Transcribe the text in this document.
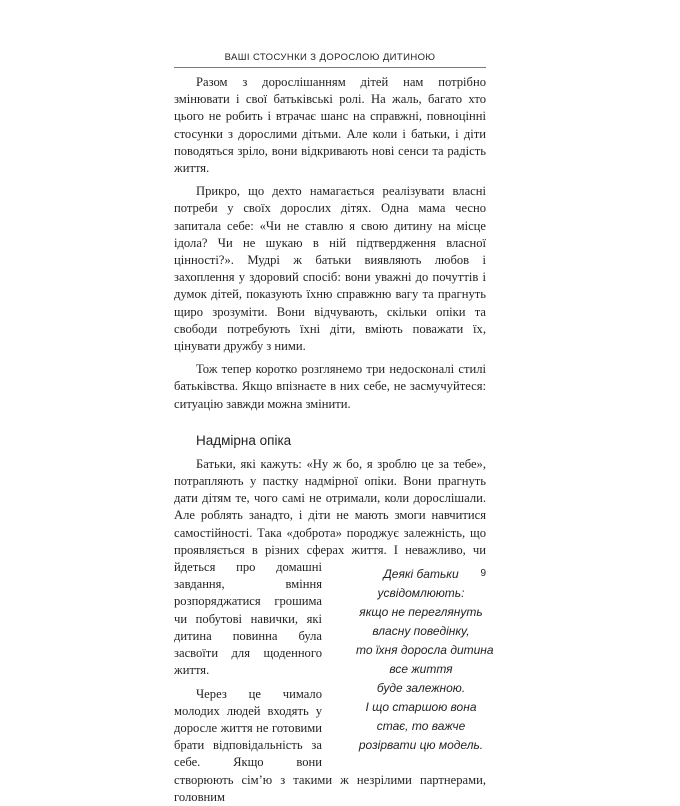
ВАШІ СТОСУНКИ З ДОРОСЛОЮ ДИТИНОЮ

Разом з дорослішанням дітей нам потрібно змінювати і свої батьківські ролі. На жаль, багато хто цього не робить і втрачає шанс на справжні, повноцінні стосунки з дорослими дітьми. Але коли і батьки, і діти поводяться зріло, вони відкривають нові сенси та радість життя.

Прикро, що дехто намагається реалізувати власні потреби у своїх дорослих дітях. Одна мама чесно запитала себе: «Чи не ставлю я свою дитину на місце ідола? Чи не шукаю в ній підтвердження власної цінності?». Мудрі ж батьки виявляють любов і захоплення у здоровий спосіб: вони уважні до почуттів і думок дітей, показують їхню справжню вагу та прагнуть щиро зрозуміти. Вони відчувають, скільки опіки та свободи потребують їхні діти, вміють поважати їх, цінувати дружбу з ними.

Тож тепер коротко розглянемо три недосконалі стилі батьківства. Якщо впізнаєте в них себе, не засмучуйтеся: ситуацію завжди можна змінити.

Надмірна опіка

Батьки, які кажуть: «Ну ж бо, я зроблю це за тебе», потрапляють у пастку надмірної опіки. Вони прагнуть дати дітям те, чого самі не отримали, коли дорослішали. Але роблять занадто, і діти не мають змоги навчитися самостійності. Така «доброта» породжує залежність, що проявляється в різних сферах життя.
Деякі батьки
усвідомлюють:
якщо не переглянуть
власну поведінку,
то їхня доросла дитина
все життя
буде залежною.
І що старшою вона
стає, то важче
розірвати цю модель.
І неважливо, чи йдеться про домашні завдання, вміння розпоряджатися грошима чи побутові навички, які дитина повинна була засвоїти для щоденного життя.

Через це чимало молодих людей входять у доросле життя не готовими брати відповідальність за себе. Якщо вони створюють сім’ю з такими ж незрілими партнерами, головним

9
